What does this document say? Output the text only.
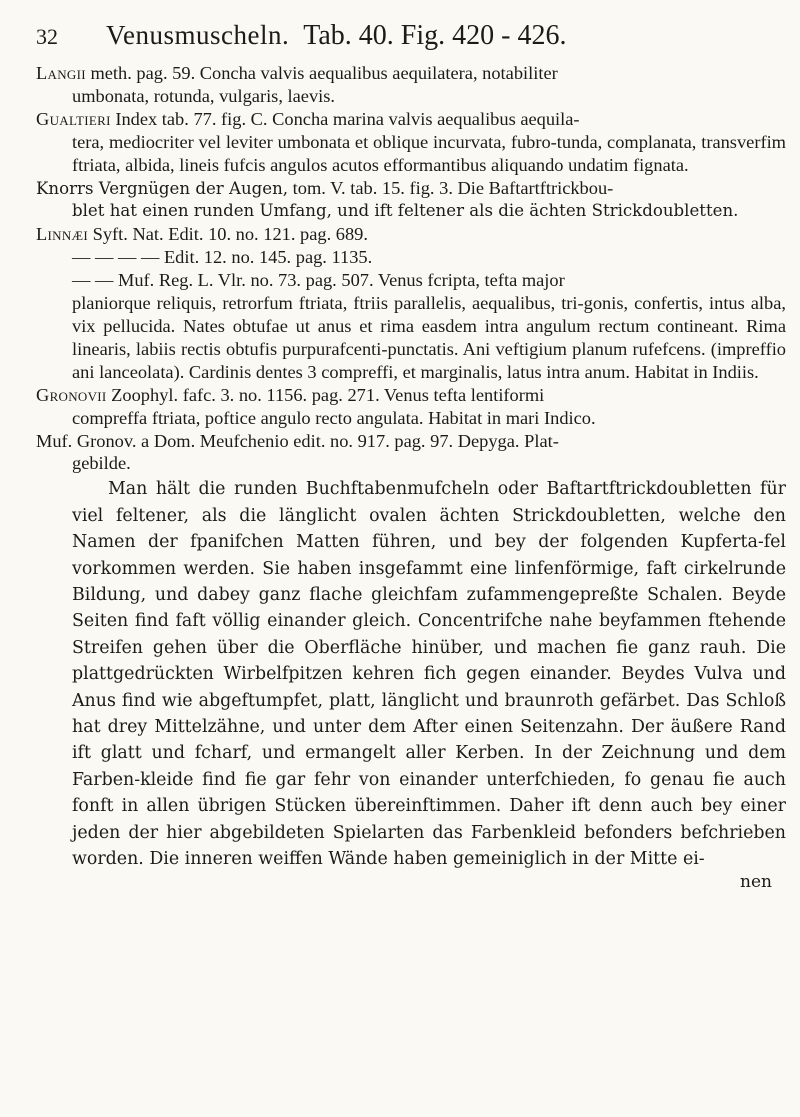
32	Venusmuscheln. Tab. 40. Fig. 420 - 426.
Langii meth. pag. 59. Concha valvis aequalibus aequilatera, notabiliter
umbonata, rotunda, vulgaris, laevis.
Gualtieri Index tab. 77. fig. C. Concha marina valvis aequalibus aequila-
tera, mediocriter vel leviter umbonata et oblique incurvata, fubro-tunda, complanata, transverfim ftriata, albida, lineis fufcis angulos acutos efformantibus aliquando undatim fignata.
Knorrs Vergnügen der Augen, tom. V. tab. 15. fig. 3. Die Baftartftrickbou-
blet hat einen runden Umfang, und ift feltener als die ächten Strickdoubletten.
Linnæi Syft. Nat. Edit. 10. no. 121. pag. 689.
— — — — Edit. 12. no. 145. pag. 1135.
— — Muf. Reg. L. Vlr. no. 73. pag. 507. Venus fcripta, tefta major
planiorque reliquis, retrorfum ftriata, ftriis parallelis, aequalibus, tri-gonis, confertis, intus alba, vix pellucida. Nates obtufae ut anus et rima easdem intra angulum rectum contineant. Rima linearis, labiis rectis obtufis purpurafcenti-punctatis. Ani veftigium planum rufefcens. (impreffio ani lanceolata). Cardinis dentes 3 compreffi, et marginalis, latus intra anum. Habitat in Indiis.
Gronovii Zoophyl. fafc. 3. no. 1156. pag. 271. Venus tefta lentiformi
compreffa ftriata, poftice angulo recto angulata. Habitat in mari Indico.
Muf. Gronov. a Dom. Meufchenio edit. no. 917. pag. 97. Depyga. Plat-
gebilde.
Man hält die runden Buchftabenmufcheln oder Baftartftrickdoubletten für viel feltener, als die länglicht ovalen ächten Strickdoubletten, welche den Namen der fpanifchen Matten führen, und bey der folgenden Kupferta-fel vorkommen werden. Sie haben insgefammt eine linfenförmige, faft cirkelrunde Bildung, und dabey ganz flache gleichfam zufammengepreßte Schalen. Beyde Seiten find faft völlig einander gleich. Concentrifche nahe beyfammen ftehende Streifen gehen über die Oberfläche hinüber, und machen fie ganz rauh. Die plattgedrückten Wirbelfpitzen kehren fich gegen einander. Beydes Vulva und Anus find wie abgeftumpfet, platt, länglicht und braunroth gefärbet. Das Schloß hat drey Mittelzähne, und unter dem After einen Seitenzahn. Der äußere Rand ift glatt und fcharf, und ermangelt aller Kerben. In der Zeichnung und dem Farben-kleide find fie gar fehr von einander unterfchieden, fo genau fie auch fonft in allen übrigen Stücken übereinftimmen. Daher ift denn auch bey einer jeden der hier abgebildeten Spielarten das Farbenkleid befonders befchrieben worden. Die inneren weiffen Wände haben gemeiniglich in der Mitte ei-
nen
